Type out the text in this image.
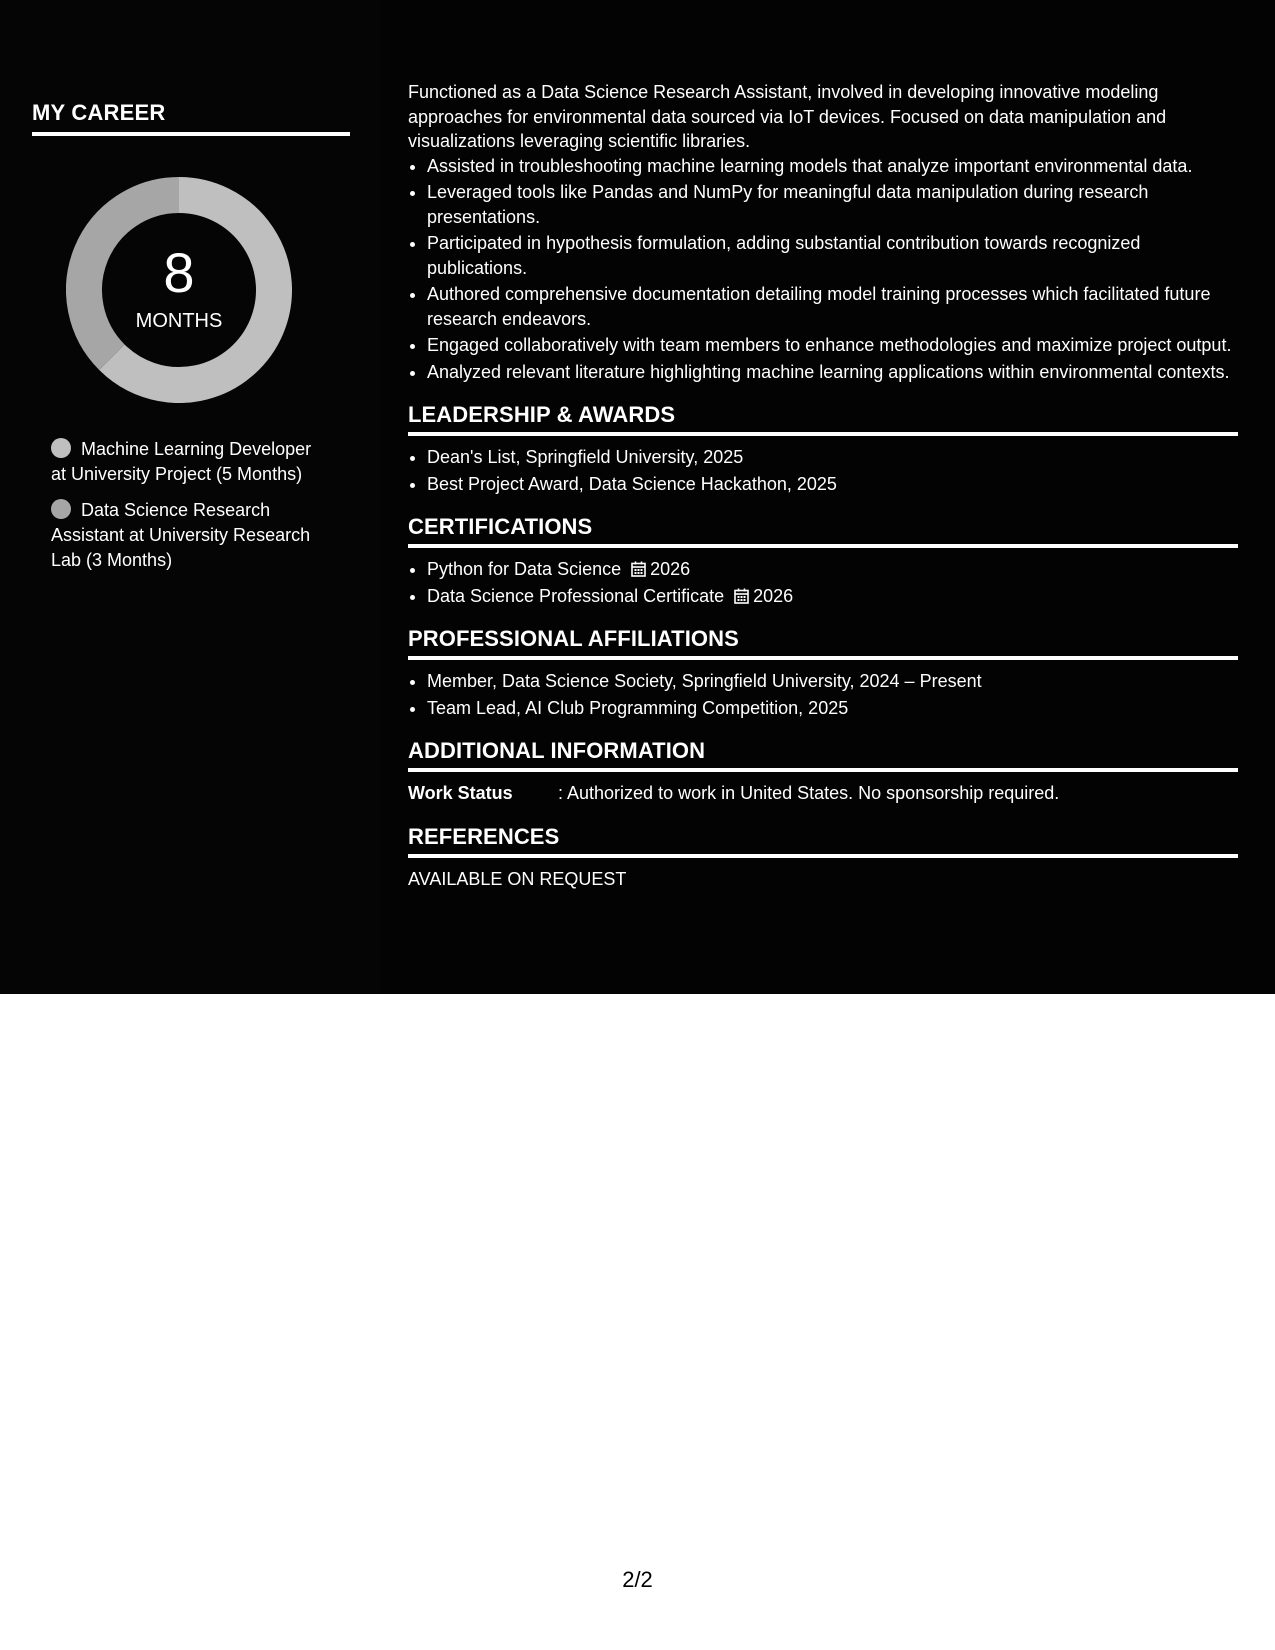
MY CAREER
8
MONTHS
Machine Learning Developer at University Project (5 Months)
Data Science Research Assistant at University Research Lab (3 Months)

Functioned as a Data Science Research Assistant, involved in developing innovative modeling approaches for environmental data sourced via IoT devices. Focused on data manipulation and visualizations leveraging scientific libraries.

• Assisted in troubleshooting machine learning models that analyze important environmental data.
• Leveraged tools like Pandas and NumPy for meaningful data manipulation during research presentations.
• Participated in hypothesis formulation, adding substantial contribution towards recognized publications.
• Authored comprehensive documentation detailing model training processes which facilitated future research endeavors.
• Engaged collaboratively with team members to enhance methodologies and maximize project output.
• Analyzed relevant literature highlighting machine learning applications within environmental contexts.
LEADERSHIP & AWARDS
• Dean's List, Springfield University, 2025
• Best Project Award, Data Science Hackathon, 2025
CERTIFICATIONS
• Python for Data Science 2026
• Data Science Professional Certificate 2026
PROFESSIONAL AFFILIATIONS
• Member, Data Science Society, Springfield University, 2024 – Present
• Team Lead, AI Club Programming Competition, 2025
ADDITIONAL INFORMATION
Work Status	: Authorized to work in United States. No sponsorship required.
REFERENCES
AVAILABLE ON REQUEST
2/2
